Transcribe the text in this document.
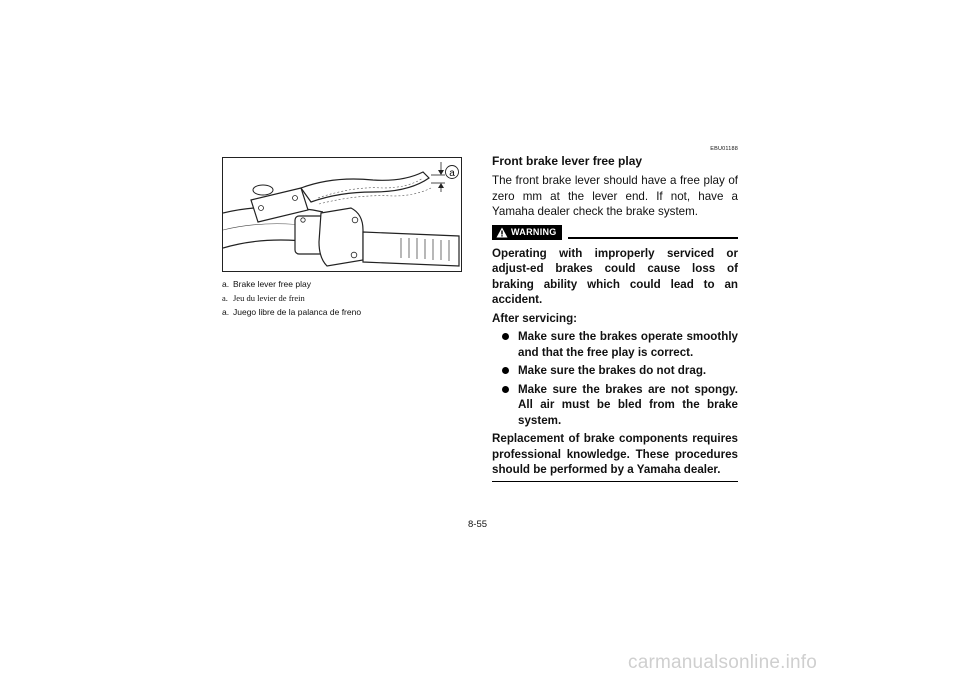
a
a. Brake lever free play
a. Jeu du levier de frein
a. Juego libre de la palanca de freno
EBU01188
Front brake lever free play

The front brake lever should have a free play of zero mm at the lever end. If not, have a Yamaha dealer check the brake system.

WARNING

Operating with improperly serviced or adjust-ed brakes could cause loss of braking ability which could lead to an accident.

After servicing:
Make sure the brakes operate smoothly and that the free play is correct.
Make sure the brakes do not drag.
Make sure the brakes are not spongy. All air must be bled from the brake system.

Replacement of brake components requires professional knowledge. These procedures should be performed by a Yamaha dealer.

8-55
carmanualsonline.info
